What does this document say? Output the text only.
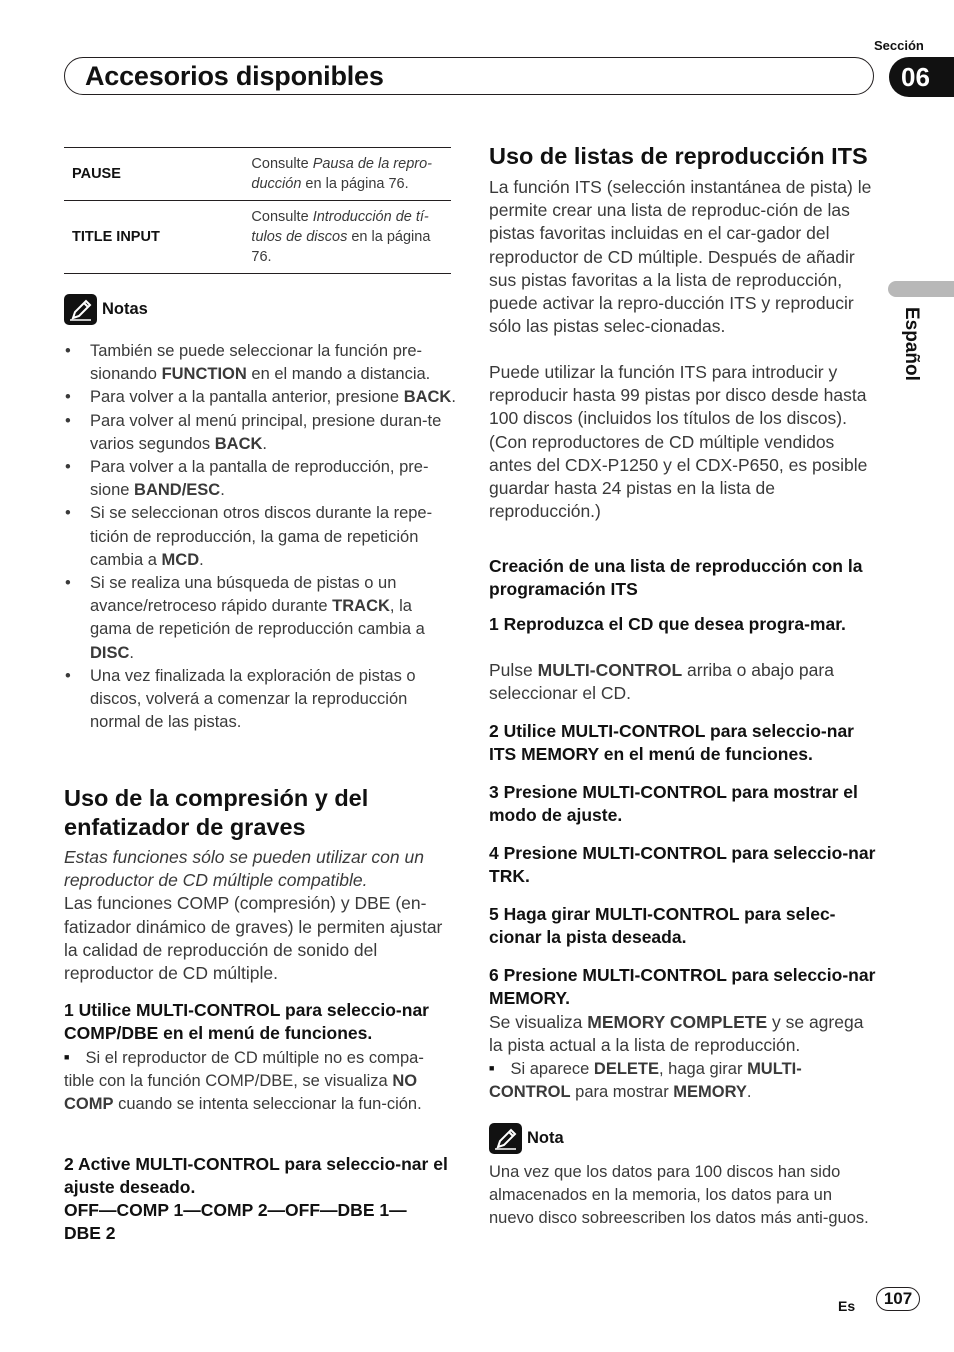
Sección
Accesorios disponibles	06
Español
PAUSE	Consulte Pausa de la repro-ducción en la página 76.
TITLE INPUT	Consulte Introducción de tí-tulos de discos en la página 76.
Notas
• También se puede seleccionar la función pre-sionando FUNCTION en el mando a distancia.
• Para volver a la pantalla anterior, presione BACK.
• Para volver al menú principal, presione duran-te varios segundos BACK.
• Para volver a la pantalla de reproducción, pre-sione BAND/ESC.
• Si se seleccionan otros discos durante la repe-tición de reproducción, la gama de repetición cambia a MCD.
• Si se realiza una búsqueda de pistas o un avance/retroceso rápido durante TRACK, la gama de repetición de reproducción cambia a DISC.
• Una vez finalizada la exploración de pistas o discos, volverá a comenzar la reproducción normal de las pistas.
Uso de la compresión y del enfatizador de graves
Estas funciones sólo se pueden utilizar con un reproductor de CD múltiple compatible.
Las funciones COMP (compresión) y DBE (en-fatizador dinámico de graves) le permiten ajustar la calidad de reproducción de sonido del reproductor de CD múltiple.
1 Utilice MULTI-CONTROL para seleccio-nar COMP/DBE en el menú de funciones.
■ Si el reproductor de CD múltiple no es compa-tible con la función COMP/DBE, se visualiza NO COMP cuando se intenta seleccionar la fun-ción.
2 Active MULTI-CONTROL para seleccio-nar el ajuste deseado.
OFF—COMP 1—COMP 2—OFF—DBE 1—DBE 2
Uso de listas de reproducción ITS
La función ITS (selección instantánea de pista) le permite crear una lista de reproduc-ción de las pistas favoritas incluidas en el car-gador del reproductor de CD múltiple. Después de añadir sus pistas favoritas a la lista de reproducción, puede activar la repro-ducción ITS y reproducir sólo las pistas selec-cionadas.
Puede utilizar la función ITS para introducir y reproducir hasta 99 pistas por disco desde hasta 100 discos (incluidos los títulos de los discos). (Con reproductores de CD múltiple vendidos antes del CDX-P1250 y el CDX-P650, es posible guardar hasta 24 pistas en la lista de reproducción.)
Creación de una lista de reproducción con la programación ITS
1 Reproduzca el CD que desea progra-mar.
Pulse MULTI-CONTROL arriba o abajo para seleccionar el CD.
2 Utilice MULTI-CONTROL para seleccio-nar ITS MEMORY en el menú de funciones.
3 Presione MULTI-CONTROL para mostrar el modo de ajuste.
4 Presione MULTI-CONTROL para seleccio-nar TRK.
5 Haga girar MULTI-CONTROL para selec-cionar la pista deseada.
6 Presione MULTI-CONTROL para seleccio-nar MEMORY.
Se visualiza MEMORY COMPLETE y se agrega la pista actual a la lista de reproducción.
■ Si aparece DELETE, haga girar MULTI-CONTROL para mostrar MEMORY.
Nota
Una vez que los datos para 100 discos han sido almacenados en la memoria, los datos para un nuevo disco sobreescriben los datos más anti-guos.
Es	107
